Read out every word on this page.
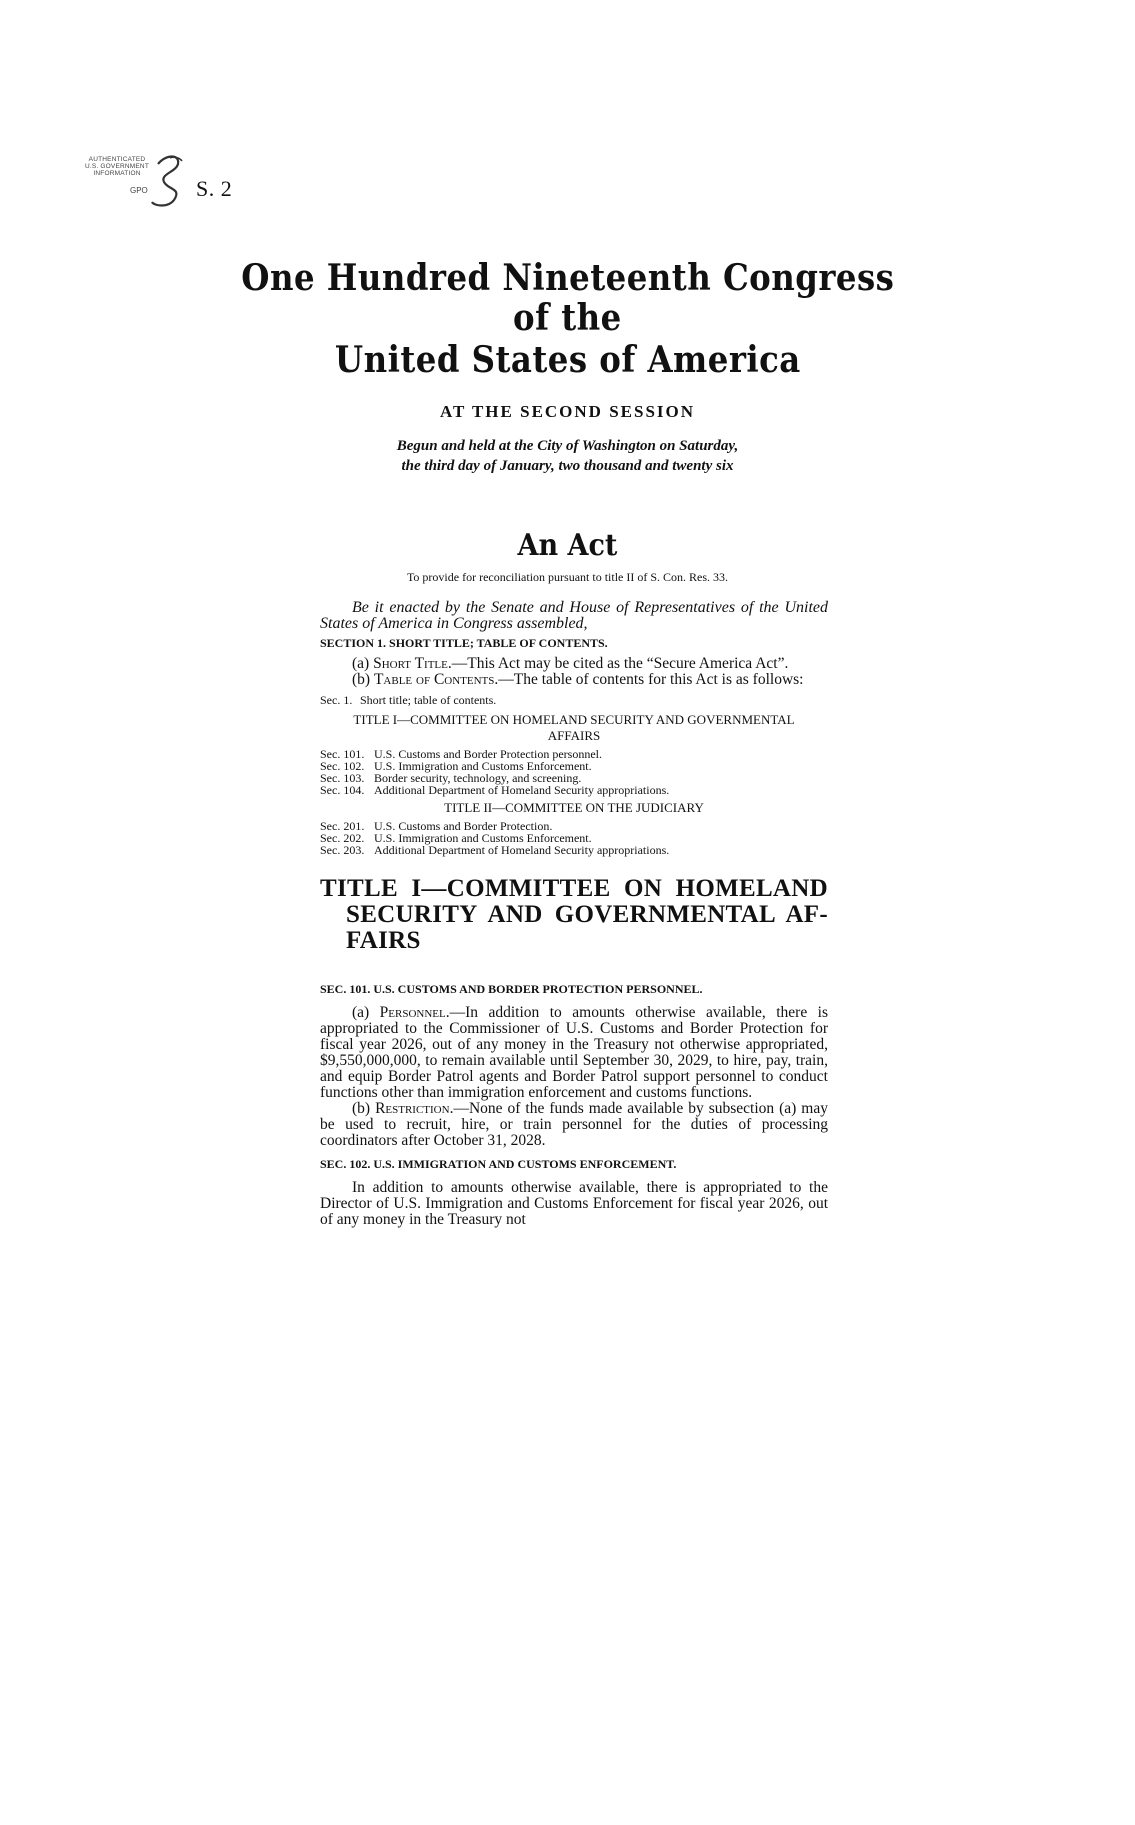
AUTHENTICATED
U.S. GOVERNMENT
INFORMATION
GPO S. 2
One Hundred Nineteenth Congress
of the
United States of America
AT THE SECOND SESSION
Begun and held at the City of Washington on Saturday,
the third day of January, two thousand and twenty six
An Act
To provide for reconciliation pursuant to title II of S. Con. Res. 33.

Be it enacted by the Senate and House of Representatives of the United States of America in Congress assembled,

SECTION 1. SHORT TITLE; TABLE OF CONTENTS.

(a) Short Title.—This Act may be cited as the “Secure America Act”.

(b) Table of Contents.—The table of contents for this Act is as follows:

Sec. 1. Short title; table of contents.

TITLE I—COMMITTEE ON HOMELAND SECURITY AND GOVERNMENTAL

AFFAIRS

Sec. 101. U.S. Customs and Border Protection personnel.
Sec. 102. U.S. Immigration and Customs Enforcement.
Sec. 103. Border security, technology, and screening.
Sec. 104. Additional Department of Homeland Security appropriations.

TITLE II—COMMITTEE ON THE JUDICIARY

Sec. 201. U.S. Customs and Border Protection.
Sec. 202. U.S. Immigration and Customs Enforcement.
Sec. 203. Additional Department of Homeland Security appropriations.

TITLE I—COMMITTEE ON HOMELAND SECURITY AND GOVERNMENTAL AF- FAIRS

SEC. 101. U.S. CUSTOMS AND BORDER PROTECTION PERSONNEL.

(a) Personnel.—In addition to amounts otherwise available, there is appropriated to the Commissioner of U.S. Customs and Border Protection for fiscal year 2026, out of any money in the Treasury not otherwise appropriated, $9,550,000,000, to remain available until September 30, 2029, to hire, pay, train, and equip Border Patrol agents and Border Patrol support personnel to conduct functions other than immigration enforcement and customs functions.

(b) Restriction.—None of the funds made available by subsection (a) may be used to recruit, hire, or train personnel for the duties of processing coordinators after October 31, 2028.

SEC. 102. U.S. IMMIGRATION AND CUSTOMS ENFORCEMENT.

In addition to amounts otherwise available, there is appropriated to the Director of U.S. Immigration and Customs Enforcement for fiscal year 2026, out of any money in the Treasury not
